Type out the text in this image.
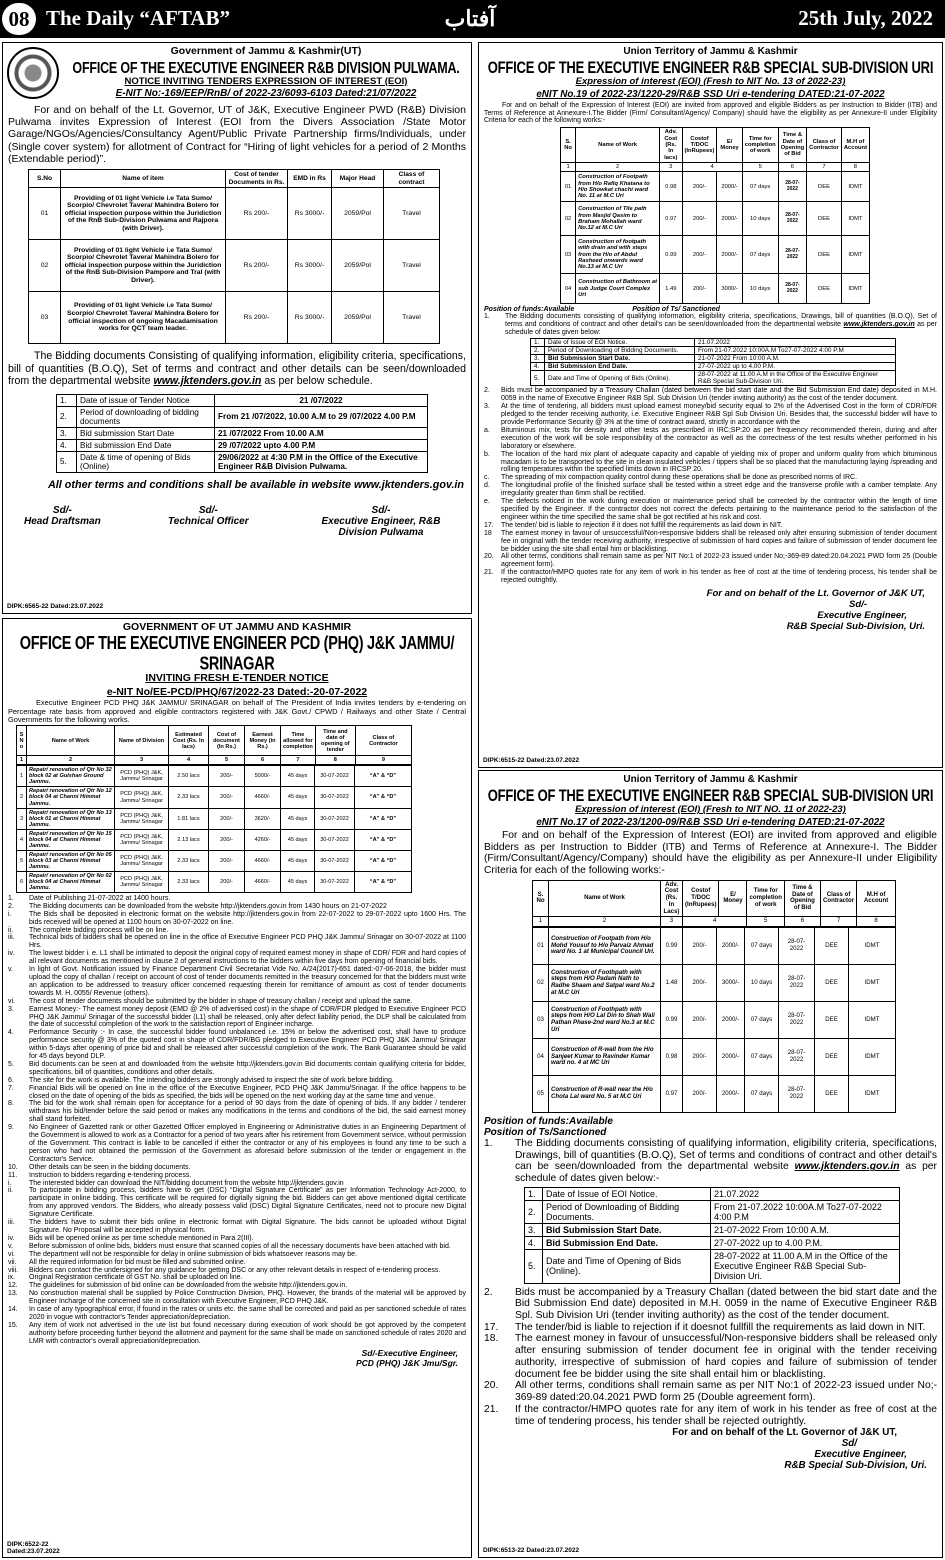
08 The Daily “AFTAB”	آفتاب	25th July, 2022
Government of Jammu & Kashmir(UT)
OFFICE OF THE EXECUTIVE ENGINEER R&B DIVISION PULWAMA.
NOTICE INVITING TENDERS EXPRESSION OF INTEREST (EOI)
E-NIT No:-169/EEP/RnB/ of 2022-23/6093-6103 Dated:21/07/2022
For and on behalf of the Lt. Governor, UT of J&K, Executive Engineer PWD (R&B) Division Pulwama invites Expression of Interest (EOI from the Divers Association /State Motor Garage/NGOs/Agencies/Consultancy Agent/Public Private Partnership firms/Individuals, under (Single cover system) for allotment of Contract for “Hiring of light vehicles for a period of 2 Months (Extendable period)”.
S.No	Name of item	Cost of tender Documents in Rs.	EMD in Rs	Major Head	Class of contract
01	Providing of 01 light Vehicle i.e Tata Sumo/ Scorpio/ Chevrolet Tavera/ Mahindra Bolero for official inspection purpose within the Juridiction of the RnB Sub-Division Pulwama and Rajpora (with Driver).	Rs 200/-	Rs 3000/-	2059/Pol	Travel
02	Providing of 01 light Vehicle i.e Tata Sumo/ Scorpio/ Chevrolet Tavera/ Mahindra Bolero for official inspection purpose within the Juridiction of the RnB Sub-Division Pampore and Tral (with Driver).	Rs 200/-	Rs 3000/-	2059/Pol	Travel
03	Providing of 01 light Vehicle i.e Tata Sumo/ Scorpio/ Chevrolet Tavera/ Mahindra Bolero for official inspection of ongoing Macadamisation works for QCT team leader.	Rs 200/-	Rs 3000/-	2059/Pol	Travel
The Bidding documents Consisting of qualifying information, eligibility criteria, specifications, bill of quantities (B.O.Q), Set of terms and contract and other details can be seen/downloaded from the departmental website www.jktenders.gov.in as per below schedule.
1.	Date of issue of Tender Notice	21 /07/2022
2.	Period of downloading of bidding documents	From 21 /07/2022, 10.00 A.M to 29 /07/2022 4.00 P.M
3.	Bid submission Start Date	21 /07/2022 From 10.00 A.M
4.	Bid submission End Date	29 /07/2022 upto 4.00 P.M
5.	Date & time of opening of Bids (Online)	29/06/2022 at 4:30 P.M in the Office of the Executive Engineer R&B Division Pulwama.
All other terms and conditions shall be available in website www.jktenders.gov.in
Sd/-
Head Draftsman
Sd/-
Technical Officer
Sd/-
Executive Engineer, R&B Division Pulwama
DIPK:6565-22 Dated:23.07.2022
Union Territory of Jammu & Kashmir
OFFICE OF THE EXECUTIVE ENGINEER R&B SPECIAL SUB-DIVISION URI
Expression of interest (EOI) (Fresh to NIT No. 13 of 2022-23)
eNIT No.19 of 2022-23/1220-29/R&B SSD Uri e-tendering DATED:21-07-2022
For and on behalf of the Expression of Interest (EOI) are invited from approved and eligible Bidders as per Instruction to Bidder (ITB) and Terms of Reference at Annexure-I.The Bidder (Firm/ Consultant/Agency/ Company) should have the eligibility as per Annexure-II under Eligibility Criteria for each of the following works:-
S. No	Name of Work	Adv. Cost (Rs. In lacs)	Costof T/DOC (InRupees)	E/ Money	Time for completion of work	Time & Date of Opening of Bid	Class of Contractor	M.H of Account
1	2	3	4		5	6	7	8
01	Construction of Footpath from H/o Rafiq Khatana to H/o Showkat chachi ward No. 11 at M.C Uri	0.98	200/-	2000/-	07 days	28-07-2022	DEE	IDMT
02	Construction of Tile path from Masjid Qasim to Braham Mohallah ward No.12 at M.C Uri	0.97	200/-	2000/-	10 days	28-07-2022	DEE	IDMT
03	Construction of footpath with drain and with steps from the H/o of Abdul Rasheed onwards ward No.13 at M.C Uri	0.99	200/-	2000/-	07 days	28-07-2022	DEE	IDMT
04	Construction of Bathroom at sub Judge Court Complex Uri	1.49	200/-	3000/-	10 days	28-07-2022	DEE	IDMT
Position of funds:Available	Position of Ts/ Sanctioned
1.	The Bidding documents consisting of qualifying information, eligibility criteria, specifications, Drawings, bill of quantities (B.O.Q), Set of terms and conditions of contract and other detail's can be seen/downloaded from the departmental website www.jktenders.gov.in as per schedule of dates given below:
1.	Date of Issue of EOI Notice.	21.07.2022
2.	Period of Downloading of Bidding Documents.	From 21-07.2022 10:00A.M To27-07-2022 4:00 P.M
3.	Bid Submission Start Date.	21-07-2022 From 10:00 A.M.
4.	Bid Submission End Date.	27-07-2022 up to 4.00 P.M.
5.	Date and Time of Opening of Bids (Online).	28-07-2022 at 11.00 A.M in the Office of the Executive Engineer R&B Special Sub-Division Uri.
2.	Bids must be accompanied by a Treasury Challan (dated between the bid start date and the Bid Submission End date) deposited in M.H. 0059 in the name of Executive Engineer R&B Spl. Sub Division Uri (tender inviting authority) as the cost of the tender document.
3.	At the time of tendering, all bidders must upload earnest money/bid security equal to 2% of the Advertised Cost in the form of CDR/FDR pledged to the tender receiving authority, i.e. Executive Engineer R&B Spl Sub Division Uri. Besides that, the successful bidder will have to provide Performance Security @ 3% at the time of contract award, strictly in accordance with the
a.	Bituminous mix, tests for density and other tests as prescribed in IRC;SP:20 as per frequency recommended therein, during and after execution of the work will be sole responsibility of the contractor as well as the correctness of the test results whether performed in his laboratory or elsewhere.
b.	The location of the hard mix plant of adequate capacity and capable of yielding mix of proper and uniform quality from which bituminous macadam is to be transported to the site in clean insulated vehicles / tippers shall be so placed that the manufacturing laying /spreading and rolling temperatures within the specified limits down in IRCSP 20.
c.	The spreading of mix compaction quality control during these operations shall be done as prescribed norms of IRC.
d.	The longitudinal profile of the finished surface shall be tested within a street edge and the transverse profile with a camber template. Any irregularity greater than 6mm shall be rectified.
e.	The defects noticed in the work during execution or maintenance period shall be corrected by the contractor within the length of time specified by the Engineer. If the contractor does not correct the defects pertaining to the maintenance period to the satisfaction of the engineer within the time specified the same shall be got rectified at his risk and cost.
17.	The tender/ bid is liable to rejection if it does not fulfill the requirements as laid down in NIT.
18	The earnest money in favour of unsuccessful/Non-responsive bidders shall be released only after ensuring submission of tender document fee in original with the tender receiving authority, irrespective of submission of hard copies and failure of submission of tender document fee be bidder using the site shall entail him or blacklisting.
20.	All other terms, conditions shall remain same as per NIT No:1 of 2022-23 issued under No;-369-89 dated:20.04.2021 PWD form 25 (Double agreement form).
21.	If the contractor/HMPO quotes rate for any item of work in his tender as free of cost at the time of tendering process, his tender shall be rejected outrightly.
For and on behalf of the Lt. Governor of J&K UT,
Sd/-
Executive Engineer,
R&B Special Sub-Division, Uri.
DIPK:6515-22 Dated:23.07.2022
GOVERNMENT OF UT JAMMU AND KASHMIR
OFFICE OF THE EXECUTIVE ENGINEER PCD (PHQ) J&K JAMMU/ SRINAGAR
INVITING FRESH E-TENDER NOTICE
e-NIT No/EE-PCD/PHQ/67/2022-23 Dated:-20-07-2022
Executive Engineer PCD PHQ J&K JAMMU/ SRINAGAR on behalf of The President of India invites tenders by e-tendering on Percentage rate basis from approved and eligible contractors registered with J&K Govt./ CPWD / Railways and other State / Central Governments for the following works.
S N o	Name of Work	Name of Division	Estimated Cost (Rs. In lacs)	Cost of document (In Rs.)	Earnest Money (in Rs.)	Time allowed for completion	Time and date of opening of tender	Class of Contractor
1	2	3	4	5	6	7	8	9
1	Repair/ renovation of Qtr No 32 block 02 at Gulshan Ground Jammu.	PCD (PHQ) J&K, Jammu/ Srinagar	2.50 lacs	200/-	5000/-	45 days	30-07-2022	“A” & “D”
2	Repair/ renovation of Qtr No 12 block 04 at Channi Himmat Jammu.	PCD (PHQ) J&K, Jammu/ Srinagar	2.33 lacs	200/-	4660/-	45 days	30-07-2022	“A” & “D”
3	Repair/ renovation of Qtr No 13 block 01 at Channi Himmat Jammu.	PCD (PHQ) J&K, Jammu/ Srinagar	1.81 lacs	200/-	3620/-	45 days	30-07-2022	“A” & “D”
4	Repair/ renovation of Qtr No 15 block 04 at Channi Himmat Jammu.	PCD (PHQ) J&K, Jammu/ Srinagar	2.13 lacs	200/-	4260/-	45 days	30-07-2022	“A” & “D”
5	Repair/ renovation of Qtr No 05 block 03 at Channi Himmat Jammu.	PCD (PHQ) J&K, Jammu/ Srinagar	2.33 lacs	200/-	4660/-	45 days	30-07-2022	“A” & “D”
6	Repair/ renovation of Qtr No 02 block 04 at Channi Himmat Jammu.	PCD (PHQ) J&K, Jammu/ Srinagar	2.33 lacs	200/-	4660/-	45 days	30-07-2022	“A” & “D”
1.	Date of Publishing 21-07-2022 at 1400 hours.
2.	The Bidding documents can be downloaded from the website http://jktenders.gov.in from 1430 hours on 21-07-2022
i.	The Bids shall be deposited in electronic format on the website http://jktenders.gov.in from 22-07-2022 to 29-07-2022 upto 1600 Hrs. The bids received will be opened at 1100 hours on 30-07-2022 on line.
ii.	The complete bidding process will be on line.
iii.	Technical bids of bidders shall be opened on line in the office of Executive Engineer PCD PHQ J&K Jammu/ Srinagar on 30-07-2022 at 1100 Hrs.
iv.	The lowest bidder i. e. L1 shall be intimated to deposit the original copy of required earnest money in shape of CDR/ FDR and hard copies of all relevant documents as mentioned in clause 2 of general instructions to the bidders within five days from opening of financial bids.
v.	In light of Govt. Notification issued by Finance Department Civil Secretariat Vide No. A/24(2017)-651 dated:-07-06-2018, the bidder must upload the copy of challan / receipt on account of cost of tender documents remitted in the treasury concerned for that the bidders must write an application to be addressed to treasury officer concerned requesting therein for remittance of amount as cost of tender documents towards M. H. 0055/ Revenue (others).
vi.	The cost of tender documents should be submitted by the bidder in shape of treasury challan / receipt and upload the same.
3.	Earnest Money:- The earnest money deposit (EMD @ 2% of advertised cost) in the shape of CDR/FDR pledged to Executive Engineer PCD PHQ J&K Jammu/ Srinagar of the successful bidder (L1) shall be released, only after defect liability period, the DLP shall be calculated from the date of successful completion of the work to the satisfaction report of Engineer incharge.
4.	Performance Security :- In case, the successful bidder found unbalanced i.e. 15% or below the advertised cost, shall have to produce performance security @ 3% of the quoted cost in shape of CDR/FDR/BG pledged to Executive Engineer PCD PHQ J&K Jammu/ Srinagar within 5-days after opening of price bid and shall be released after successful completion of the work. The Bank Guarantee should be valid for 45 days beyond DLP.
5.	Bid documents can be seen at and downloaded from the website http://jktenders.gov.in Bid documents contain qualifying criteria for bidder, specifications, bill of quantities, conditions and other details.
6.	The site for the work is available. The intending bidders are strongly advised to inspect the site of work before bidding.
7.	Financial Bids will be opened on line in the office of the Executive Engineer, PCD PHQ J&K Jammu/Srinagar. If the office happens to be closed on the date of opening of the bids as specified, the bids will be opened on the next working day at the same time and venue.
8.	The bid for the work shall remain open for acceptance for a period of 90 days from the date of opening of bids. If any bidder / tenderer withdraws his bid/tender before the said period or makes any modifications in the terms and conditions of the bid, the said earnest money shall stand forfeited.
9.	No Engineer of Gazetted rank or other Gazetted Officer employed in Engineering or Administrative duties in an Engineering Department of the Government is allowed to work as a Contractor for a period of two years after his retirement from Government service, without permission of the Government. This contract is liable to be cancelled if either the contractor or any of his employees is found any time to be such a person who had not obtained the permission of the Government as aforesaid before submission of the tender or engagement in the Contractor's Service.
10.	Other details can be seen in the bidding documents.
11.	Instruction to bidders regarding e-tendering process.
i.	The interested bidder can download the NIT/bidding document from the website http://jktenders.gov.in
ii.	To participate in bidding process, bidders have to get (DSC) “Digital Signature Certificate” as per Information Technology Act-2000, to participate in online bidding. This certificate will be required for digitally signing the bid. Bidders can get above mentioned digital certificate from any approved vendors. The Bidders, who already possess valid (DSC) Digital Signature Certificates, need not to procure new Digital Signature Certificate.
iii.	The bidders have to submit their bids online in electronic format with Digital Signature. The bids cannot be uploaded without Digital Signature. No Proposal will be accepted in physical form.
iv.	Bids will be opened online as per time schedule mentioned in Para 2(III).
v.	Before submission of online bids, bidders must ensure that scanned copies of all the necessary documents have been attached with bid.
vi.	The department will not be responsible for delay in online submission of bids whatsoever reasons may be.
vii.	All the required information for bid must be filled and submitted online.
viii.	Bidders can contact the undersigned for any guidance for getting DSC or any other relevant details in respect of e-tendering process.
ix.	Original Registration certificate of GST No. shall be uploaded on line.
12.	The guidelines for submission of bid online can be downloaded from the website http://jktenders.gov.in.
13.	No construction material shall be supplied by Police Construction Division, PHQ. However, the brands of the material will be approved by Engineer Incharge of the concerned site in consultation with Executive Engineer, PCD PHQ J&K.
14.	In case of any typographical error, if found in the rates or units etc. the same shall be corrected and paid as per sanctioned schedule of rates 2020 in vogue with contractor's Tender appreciation/depreciation.
15.	Any item of work not advertised in the ute list but found necessary during execution of work should be got approved by the competent authority before proceeding further beyond the allotment and payment for the same shall be made on sanctioned schedule of rates 2020 and LMR with contractor's overall appreciation/depreciation.
Sd/-Executive Engineer,
PCD (PHQ) J&K Jmu/Sgr.
DIPK:6522-22
Dated:23.07.2022
Union Territory of Jammu & Kashmir
OFFICE OF THE EXECUTIVE ENGINEER R&B SPECIAL SUB-DIVISION URI
Expression of interest (EOI) (Fresh to NIT NO. 11 of 2022-23)
eNIT No.17 of 2022-23/1200-09/R&B SSD Uri e-tendering DATED:21-07-2022
For and on behalf of the Expression of Interest (EOI) are invited from approved and eligible Bidders as per Instruction to Bidder (ITB) and Terms of Reference at Annexure-I. The Bidder (Firm/Consultant/Agency/Company) should have the eligibility as per Annexure-II under Eligibility Criteria for each of the following works:-
S. No	Name of Work	Adv. Cost (Rs. In Lacs)	Costof T/DOC (InRupees)	E/ Money	Time for completion of work	Time & Date of Opening of Bid	Class of Contractor	M.H of Account
1	2	3	4		5	6	7	8
01	Construction of Footpath from H/o Mohd Yousuf to H/o Parvaiz Ahmad ward No. 1 at Municipal Council Uri.	0.99	200/-	2000/-	07 days	28-07-2022	DEE	IDMT
02	Construction of Foothpath with steps from H/O Padam Nath to Radhe Shaam and Satpal ward No.2 at M.C Uri	1.48	200/-	3000/-	10 days	28-07-2022	DEE	IDMT
03	Construction of Foothpath with steps from H/O Lal Din to Shah Wali Pathan Phase-2nd ward No.3 at M.C Uri	0.99	200/-	2000/-	07 days	28-07-2022	DEE	IDMT
04	Construction of R-wall from the H/o Sanjeet Kumar to Ravinder Kumar ward no. 4 at MC Uri	0.98	200/-	2000/-	07 days	28-07-2022	DEE	IDMT
05	Construction of R-wall near the H/o Chota Lal ward No. 5 at M.C Uri	0.97	200/-	2000/-	07 days	28-07-2022	DEE	IDMT
Position of funds:Available
Position of Ts/Sanctioned
1.	The Bidding documents consisting of qualifying information, eligibility criteria, specifications, Drawings, bill of quantities (B.O.Q), Set of terms and conditions of contract and other detail's can be seen/downloaded from the departmental website www.jktenders.gov.in as per schedule of dates given below:-
1.	Date of Issue of EOI Notice.	21.07.2022
2.	Period of Downloading of Bidding Documents.	From 21-07.2022 10:00A.M To27-07-2022 4:00 P.M
3.	Bid Submission Start Date.	21-07-2022 From 10:00 A.M.
4.	Bid Submission End Date.	27-07-2022 up to 4.00 P.M.
5.	Date and Time of Opening of Bids (Online).	28-07-2022 at 11.00 A.M in the Office of the Executive Engineer R&B Special Sub-Division Uri.
2.	Bids must be accompanied by a Treasury Challan (dated between the bid start date and the Bid Submission End date) deposited in M.H. 0059 in the name of Executive Engineer R&B Spl. Sub Division Uri (tender inviting authority) as the cost of the tender document.
17.	The tender/bid is liable to rejection if it doesnot fullfill the requirements as laid down in NIT.
18.	The earnest money in favour of unsuccessful/Non-responsive bidders shall be released only after ensuring submission of tender document fee in original with the tender receiving authority, irrespective of submission of hard copies and failure of submission of tender document fee be bidder using the site shall entail him or blacklisting.
20.	All other terms, conditions shall remain same as per NIT No:1 of 2022-23 issued under No;- 369-89 dated:20.04.2021 PWD form 25 (Double agreement form).
21.	If the contractor/HMPO quotes rate for any item of work in his tender as free of cost at the time of tendering process, his tender shall be rejected outrightly.
For and on behalf of the Lt. Governor of J&K UT,
Sd/
Executive Engineer,
R&B Special Sub-Division, Uri.
DIPK:6513-22 Dated:23.07.2022
